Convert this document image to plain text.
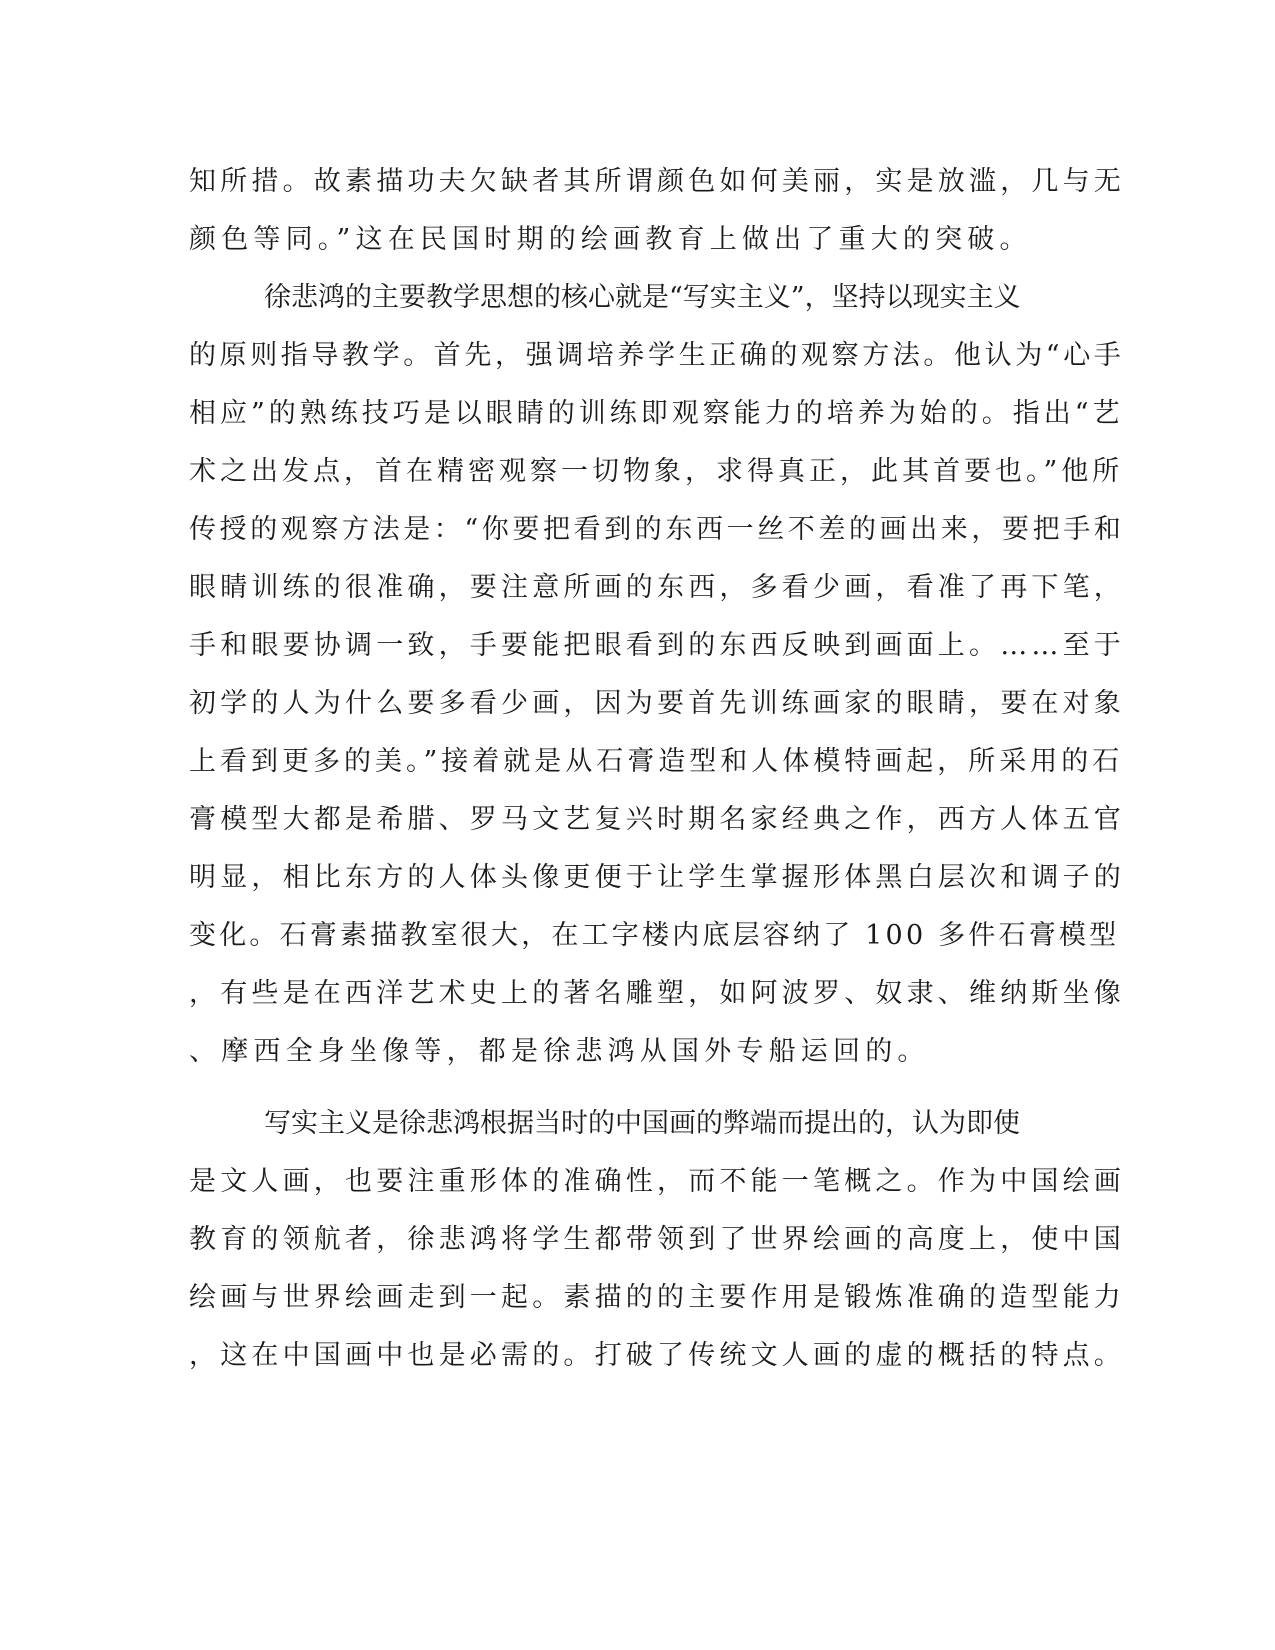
知所措。故素描功夫欠缺者其所谓颜色如何美丽，实是放滥，几与无
颜色等同。”这在民国时期的绘画教育上做出了重大的突破。
徐悲鸿的主要教学思想的核心就是“写实主义”，坚持以现实主义
的原则指导教学。首先，强调培养学生正确的观察方法。他认为“心手
相应”的熟练技巧是以眼睛的训练即观察能力的培养为始的。指出“艺
术之出发点，首在精密观察一切物象，求得真正，此其首要也。”他所
传授的观察方法是：“你要把看到的东西一丝不差的画出来，要把手和
眼睛训练的很准确，要注意所画的东西，多看少画，看准了再下笔，
手和眼要协调一致，手要能把眼看到的东西反映到画面上。……至于
初学的人为什么要多看少画，因为要首先训练画家的眼睛，要在对象
上看到更多的美。”接着就是从石膏造型和人体模特画起，所采用的石
膏模型大都是希腊、罗马文艺复兴时期名家经典之作，西方人体五官
明显，相比东方的人体头像更便于让学生掌握形体黑白层次和调子的
变化。石膏素描教室很大，在工字楼内底层容纳了 100 多件石膏模型
，有些是在西洋艺术史上的著名雕塑，如阿波罗、奴隶、维纳斯坐像
、摩西全身坐像等，都是徐悲鸿从国外专船运回的。
写实主义是徐悲鸿根据当时的中国画的弊端而提出的，认为即使
是文人画，也要注重形体的准确性，而不能一笔概之。作为中国绘画
教育的领航者，徐悲鸿将学生都带领到了世界绘画的高度上，使中国
绘画与世界绘画走到一起。素描的的主要作用是锻炼准确的造型能力
，这在中国画中也是必需的。打破了传统文人画的虚的概括的特点。
